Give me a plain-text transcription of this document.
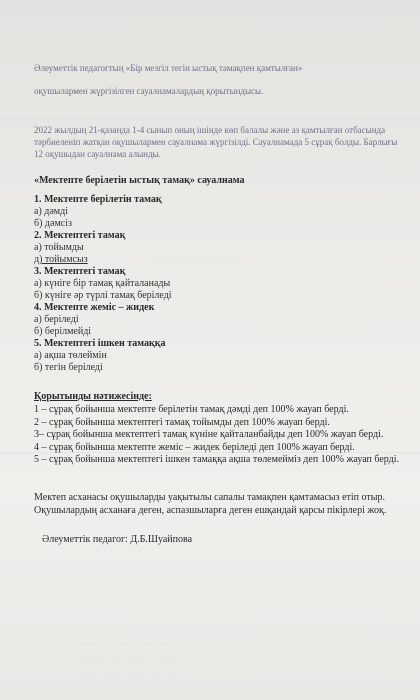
··· ········ ··· ········ ··········
········ ··········· ·········
········ ··· ········ ········
········ ·········· ·······
········ ··· ········ ······· ···· ·····
········· ······· ········ ··· ······
······ ········ ········· ······· ····
Әлеуметтік педагогтың «Бір мезгіл тегін ыстық тамақпен қамтылған»
оқушылармен жүргізілген сауалнамалардың қорытындысы.
2022 жылдың 21-қазанда 1-4 сынып оның ішінде көп балалы және аз қамтылған отбасында тәрбиеленіп жатқан оқушылармен сауалнама жүргізілді. Сауалнамада 5 сұрақ болды. Барлығы 12 оқушыдан сауалнама алынды.
«Мектепте берілетін ыстық тамақ» сауалнама
1. Мектепте берілетін тамақ
а) дәмді
б) дәмсіз
2. Мектептегі тамақ
а) тойымды
д) тойымсыз
3. Мектептегі тамақ
а) күніге бір тамақ қайталанады
б) күніге әр түрлі тамақ беріледі
4. Мектепте жеміс – жидек
а) беріледі
б) берілмейді
5. Мектептегі ішкен тамаққа
а) ақша төлеймін
б) тегін беріледі
Қорытынды нәтижесінде:
1 – сұрақ бойынша мектепте берілетін тамақ дәмді деп 100% жауап берді.
2 – сұрақ бойынша мектептегі тамақ тойымды деп 100% жауап берді.
3– сұрақ бойынша мектептегі тамақ күніне қайталанбайды деп 100% жауап берді.
4 – сұрақ бойынша мектепте жеміс – жидек беріледі деп 100% жауап берді.
5 – сұрақ бойынша мектептегі ішкен тамаққа ақша төлемейміз деп 100% жауап берді.
Мектеп асханасы оқушыларды уақытылы сапалы тамақпен қамтамасыз етіп отыр. Оқушылардың асханаға деген, аспазшыларға деген ешқандай қарсы пікірлері жоқ.
Әлеуметтік педагог: Д.Б.Шуайпова
